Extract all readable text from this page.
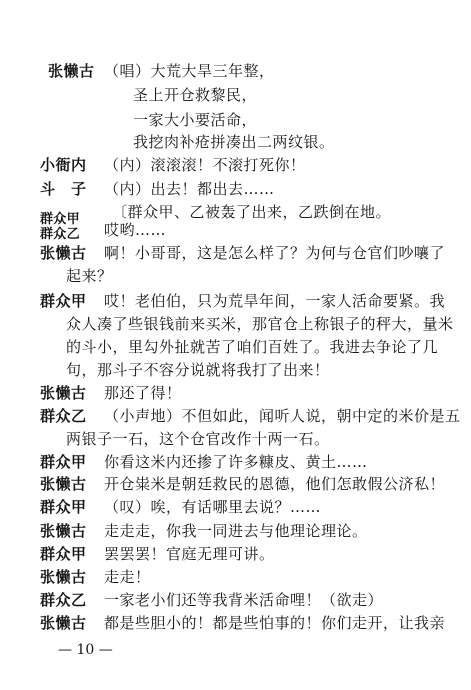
张懒古 （唱）大荒大旱三年整，
圣上开仓救黎民，
一家大小要活命，
我挖肉补疮拼凑出二两纹银。
小衙内 （内）滚滚滚！不滚打死你！
斗　子 （内）出去！都出去……
〔群众甲、乙被轰了出来，乙跌倒在地。
群众甲
群众乙 哎哟……
张懒古 啊！小哥哥，这是怎么样了？为何与仓官们吵嚷了
起来？
群众甲 哎！老伯伯，只为荒旱年间，一家人活命要紧。我
众人凑了些银钱前来买米，那官仓上称银子的秤大，量米
的斗小，里勾外扯就苦了咱们百姓了。我进去争论了几
句，那斗子不容分说就将我打了出来！
张懒古 那还了得！
群众乙 （小声地）不但如此，闻听人说，朝中定的米价是五
两银子一石，这个仓官改作十两一石。
群众甲 你看这米内还掺了许多糠皮、黄土……
张懒古 开仓粜米是朝廷救民的恩德，他们怎敢假公济私！
群众甲 （叹）唉，有话哪里去说？……
张懒古 走走走，你我一同进去与他理论理论。
群众甲 罢罢罢！官庭无理可讲。
张懒古 走走！
群众乙 一家老小们还等我背米活命哩！（欲走）
张懒古 都是些胆小的！都是些怕事的！你们走开，让我亲
— 10 —
